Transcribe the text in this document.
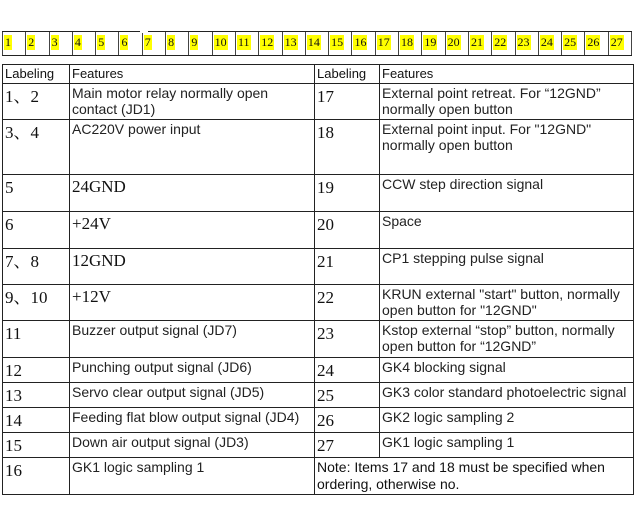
1 2 3 4 5 6 7 8 9 10 11 12 13 14 15 16 17 18 19 20 21 22 23 24 25 26 27
Labeling	Features	Labeling	Features
1、2	Main motor relay normally open contact (JD1)	17	External point retreat. For “12GND” normally open button
3、4	AC220V power input	18	External point input. For "12GND" normally open button
5	24GND	19	CCW step direction signal
6	+24V	20	Space
7、8	12GND	21	CP1 stepping pulse signal
9、10	+12V	22	KRUN external "start" button, normally open button for "12GND"
11	Buzzer output signal (JD7)	23	Kstop external “stop” button, normally open button for “12GND”
12	Punching output signal (JD6)	24	GK4 blocking signal
13	Servo clear output signal (JD5)	25	GK3 color standard photoelectric signal
14	Feeding flat blow output signal (JD4)	26	GK2 logic sampling 2
15	Down air output signal (JD3)	27	GK1 logic sampling 1
16	GK1 logic sampling 1	Note: Items 17 and 18 must be specified when ordering, otherwise no.	
